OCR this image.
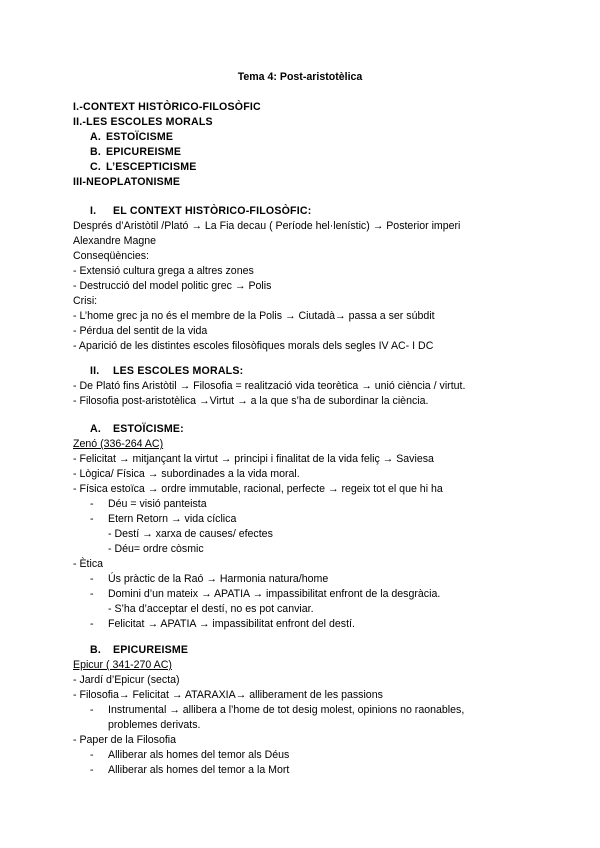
Tema 4: Post-aristotèlica
I.-CONTEXT HISTÒRICO-FILOSÒFIC
II.-LES ESCOLES MORALS
A. ESTOÏCISME
B. EPICUREISME
C. L’ESCEPTICISME
III-NEOPLATONISME
I. EL CONTEXT HISTÒRICO-FILOSÒFIC:
Després d’Aristòtil /Plató → La Fia decau ( Període hel·lenístic) → Posterior imperi
Alexandre Magne
Conseqüències:
- Extensió cultura grega a altres zones
- Destrucció del model politic grec → Polis
Crisi:
- L’home grec ja no és el membre de la Polis → Ciutadà→ passa a ser súbdit
- Pérdua del sentit de la vida
- Aparició de les distintes escoles filosòfiques morals dels segles IV AC- I DC
II. LES ESCOLES MORALS:
- De Plató fins Aristòtil → Filosofia = realització vida teorètica → unió ciència / virtut.
- Filosofia post-aristotèlica →Virtut → a la que s’ha de subordinar la ciència.
A. ESTOÏCISME:
Zenó (336-264 AC)
- Felicitat → mitjançant la virtut → principi i finalitat de la vida feliç → Saviesa
- Lògica/ Física → subordinades a la vida moral.
- Física estoïca → ordre immutable, racional, perfecte → regeix tot el que hi ha
- Déu = visió panteista
- Etern Retorn → vida cíclica
- Destí → xarxa de causes/ efectes
- Déu= ordre còsmic
- Ètica
- Ús pràctic de la Raó → Harmonia natura/home
- Domini d’un mateix → APATIA → impassibilitat enfront de la desgràcia.
- S’ha d’acceptar el destí, no es pot canviar.
- Felicitat → APATIA → impassibilitat enfront del destí.
B. EPICUREISME
Epicur ( 341-270 AC)
- Jardí d’Epicur (secta)
- Filosofia→ Felicitat → ATARAXIA→ alliberament de les passions
- Instrumental → allibera a l’home de tot desig molest, opinions no raonables,
problemes derivats.
- Paper de la Filosofia
- Alliberar als homes del temor als Déus
- Alliberar als homes del temor a la Mort
